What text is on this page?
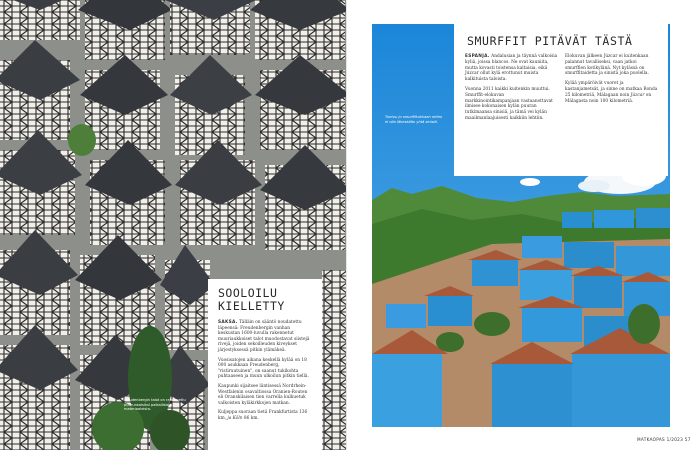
Freudenbergin talot on rakennettu puurunkoisiksi paikallisista materiaaleista.
SOOLOILU KIELLETTY

SAKSA. Tälläin on sääntö noudatettu läpeensä: Freudenbergin vanhan keskustan 1600-luvulla rakennetut muuriaukkoiset talot muodostavat siistejä rivejä, joiden sekoilleuden kiveykset järjestyksessä pitkin ylämäkeä.

Vuosisatojen aikana keskellä kylää on 18 000 asukkaan Freudenberg, "ristiruutuinen", on saanut tukikohta puhtaaseen ja muun ulkoilun pitkin tiellä.

Kaupunki sijaitsee läntisessä Nordrhein-Westfalenin osavaltiossa Oranien-Routen eli Oranskilaisen tien varrella kulkuetuk valkoisten kyläkirkkojen matkan.

Kuljeppa suoraan tietä Frankfurtista 136 km, ja Köln 86 km.

Tuntuu jo smurffikukkaan miten ei olla läheskään yhtä sinisiä.
SMURFFIT PITÄVÄT TÄSTÄ

ESPANJA. Andalusian ja täynnä valkoisia kyliä, joissa blancos. Ne ovat kauniita, mutta kovasti toistensa kaltaisia, eikä Júzcar ollut kylä erottunut muista kalkituista taloista.

Vuonna 2011 kaikki kuitenkin muuttui. Smurffit-elokuvan markkinointikampanjaan vastaanottavat ilmisee kokonaisen kylän puuran tutkimaansa sinisiä, ja tämä vei kylän maailmanlaajuisesti kaikkiin lehtiin.

Elokuvan jälkeen Júzcar ei kuitenkaan palannut tavalliseksi, vaan jatkoi smurffien kotikylänä. Nyt kylässä on smurffitaidetta ja sinistä joka puolella.

Kylää ympäröivät vuoret ja kastanjametsät, ja sinne on matkaa Ronda 25 kilometriä, Málagaan noin Júzcar on Málagasta noin 100 kilometriä.

MATKAOPAS 1/2023 57
